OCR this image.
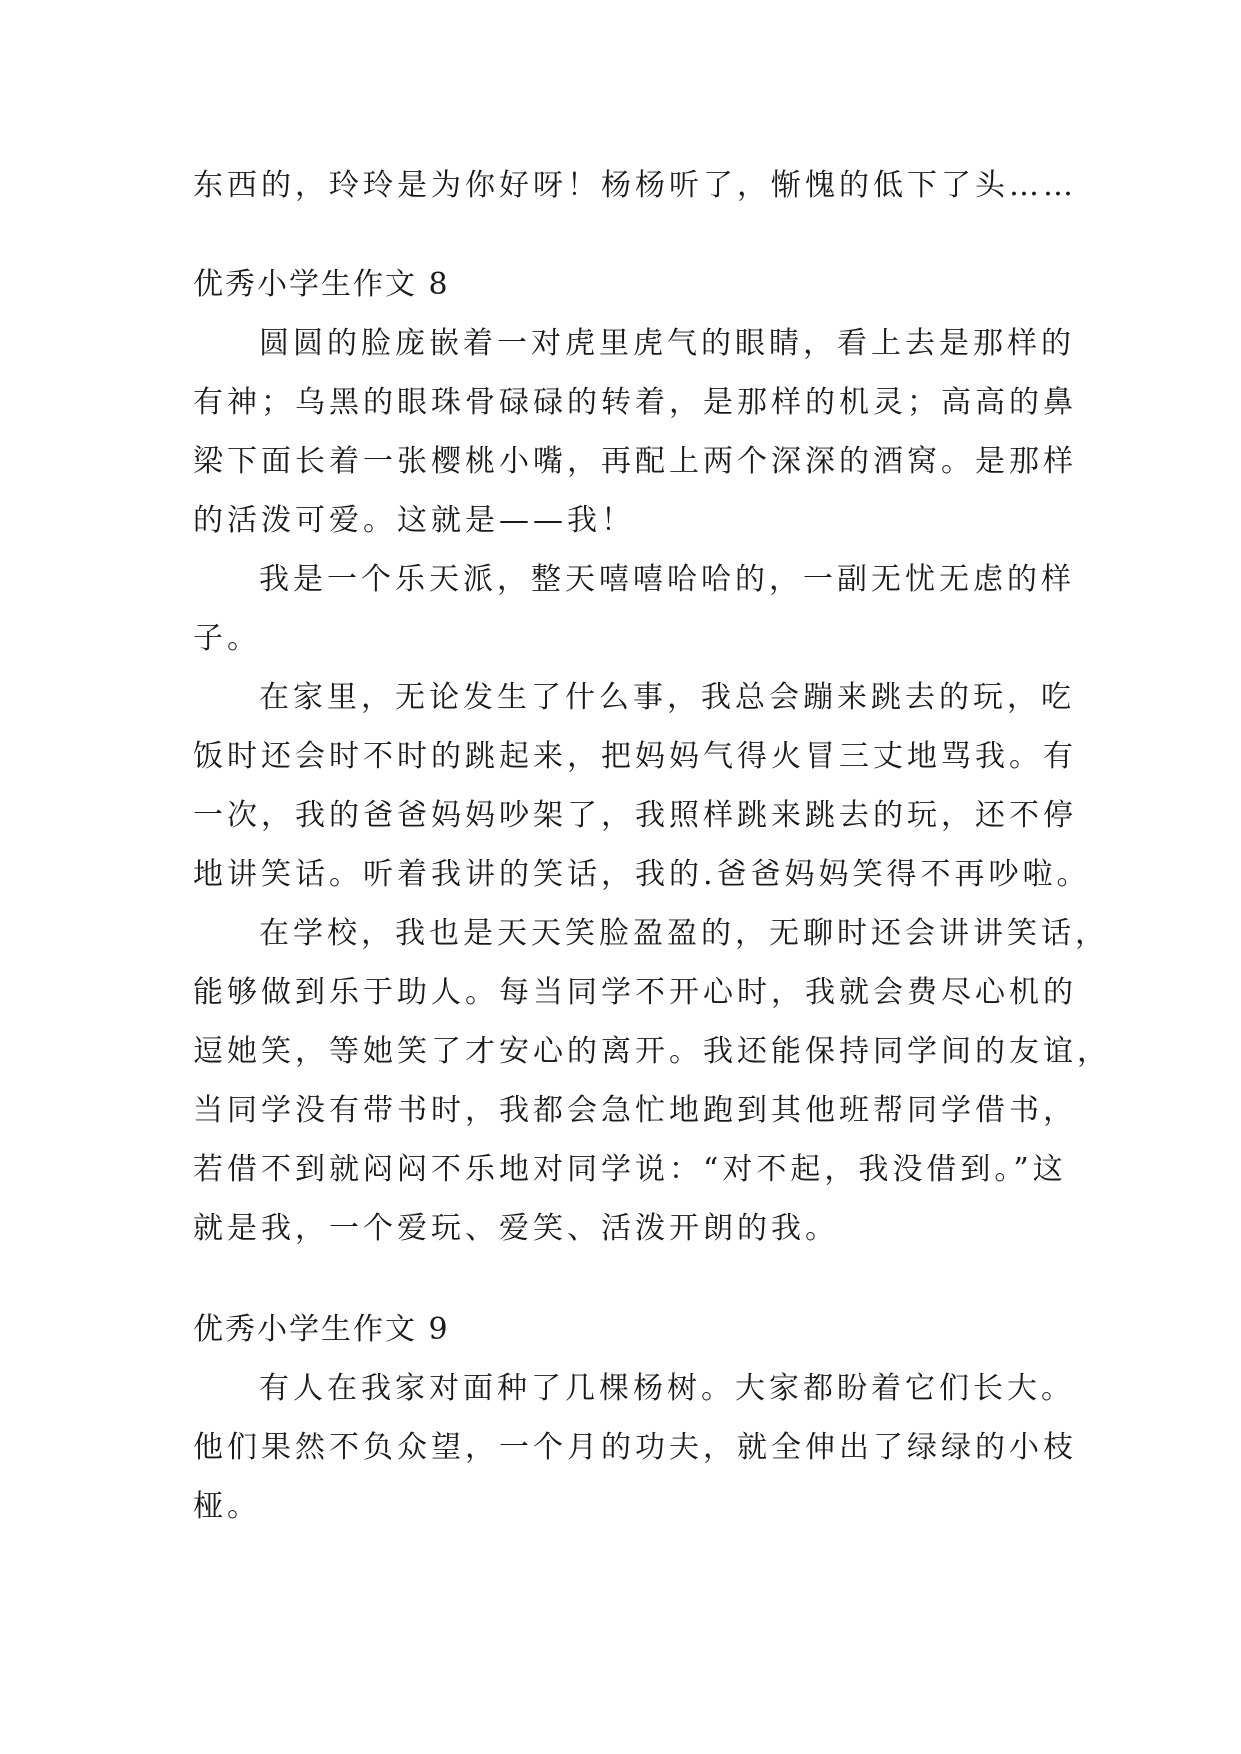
东西的，玲玲是为你好呀！杨杨听了，惭愧的低下了头……
优秀小学生作文 8
圆圆的脸庞嵌着一对虎里虎气的眼睛，看上去是那样的
有神；乌黑的眼珠骨碌碌的转着，是那样的机灵；高高的鼻
梁下面长着一张樱桃小嘴，再配上两个深深的酒窝。是那样
的活泼可爱。这就是——我！
我是一个乐天派，整天嘻嘻哈哈的，一副无忧无虑的样
子。
在家里，无论发生了什么事，我总会蹦来跳去的玩，吃
饭时还会时不时的跳起来，把妈妈气得火冒三丈地骂我。有
一次，我的爸爸妈妈吵架了，我照样跳来跳去的玩，还不停
地讲笑话。听着我讲的笑话，我的.爸爸妈妈笑得不再吵啦。
在学校，我也是天天笑脸盈盈的，无聊时还会讲讲笑话，
能够做到乐于助人。每当同学不开心时，我就会费尽心机的
逗她笑，等她笑了才安心的离开。我还能保持同学间的友谊，
当同学没有带书时，我都会急忙地跑到其他班帮同学借书，
若借不到就闷闷不乐地对同学说：“对不起，我没借到。”这
就是我，一个爱玩、爱笑、活泼开朗的我。
优秀小学生作文 9
有人在我家对面种了几棵杨树。大家都盼着它们长大。
他们果然不负众望，一个月的功夫，就全伸出了绿绿的小枝
桠。
